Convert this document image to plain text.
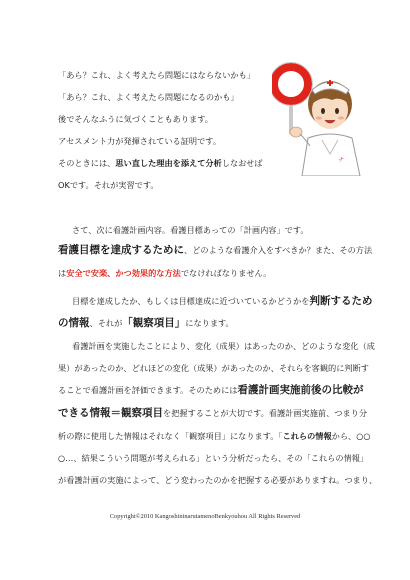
「あら？これ、よく考えたら問題にはならないかも」
「あら？これ、よく考えたら問題になるのかも」
後でそんなふうに気づくこともあります。
アセスメント力が発揮されている証明です。
そのときには、思い直した理由を添えて分析しなおせば
OKです。それが実習です。
ナ
さて、次に看護計画内容。看護目標あっての「計画内容」です。
看護目標を達成するために、どのような看護介入をすべきか？また、その方法
は安全で安楽、かつ効果的な方法でなければなりません。
目標を達成したか、もしくは目標達成に近づいているかどうかを判断するため
の情報、それが「観察項目」になります。
看護計画を実施したことにより、変化（成果）はあったのか、どのような変化（成
果）があったのか、どれほどの変化（成果）があったのか、それらを客観的に判断す
ることで看護計画を評価できます。そのためには看護計画実施前後の比較が
できる情報＝観察項目を把握することが大切です。看護計画実施前、つまり分
析の際に使用した情報はそれなく「観察項目」になります。「これらの情報から、○○
○…、結果こういう問題が考えられる」という分析だったら、その「これらの情報」
が看護計画の実施によって、どう変わったのかを把握する必要がありますね。つまり、
Copyright©2010 KangoshininarutamenoBenkyouhou All Rights Reserved
